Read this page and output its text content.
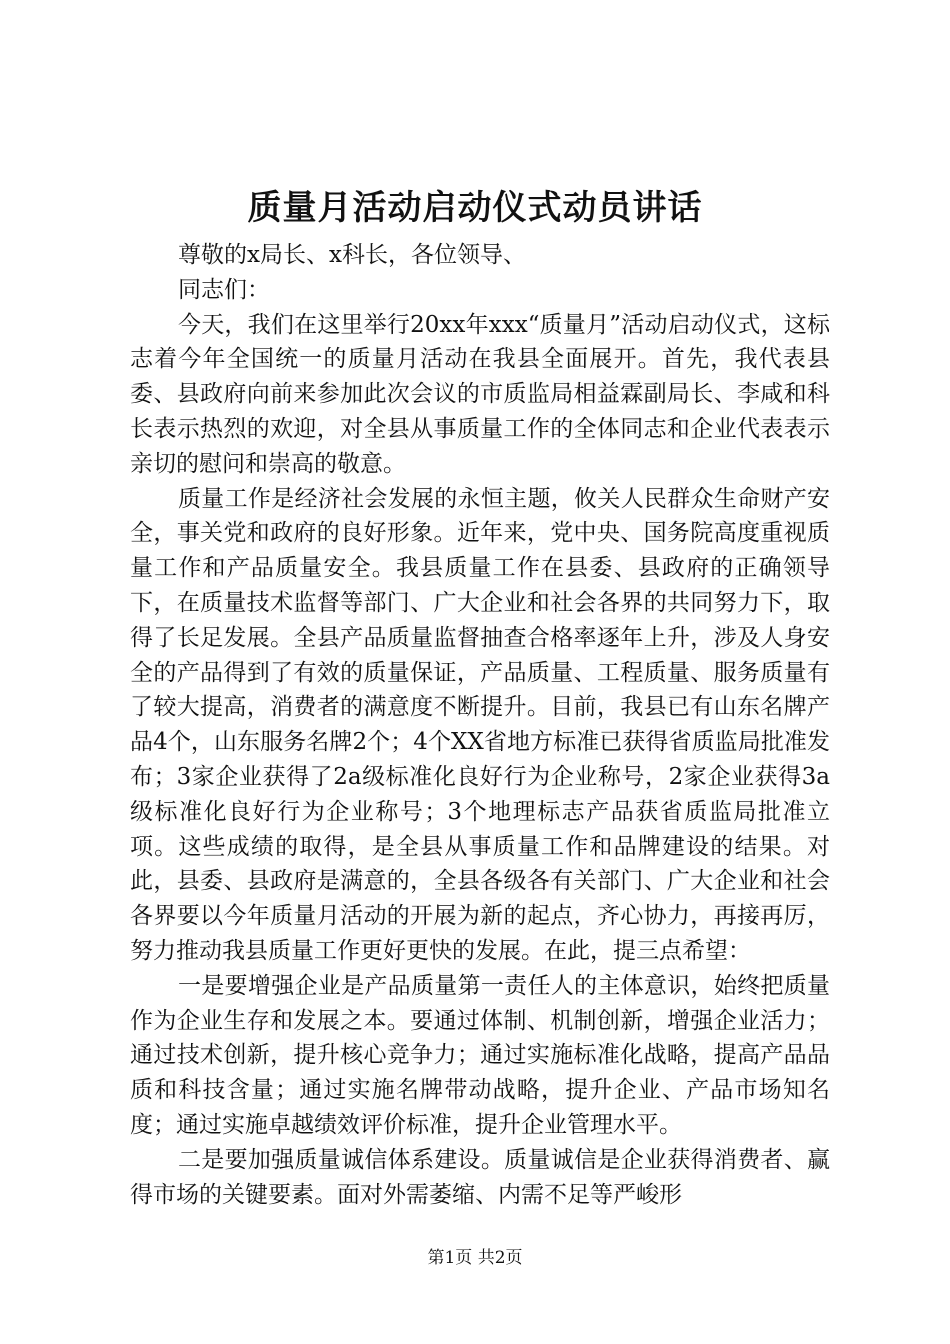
质量月活动启动仪式动员讲话

尊敬的x局长、x科长，各位领导、

同志们：

今天，我们在这里举行20xx年xxx“质量月”活动启动仪式，这标志着今年全国统一的质量月活动在我县全面展开。首先，我代表县委、县政府向前来参加此次会议的市质监局相益霖副局长、李咸和科长表示热烈的欢迎，对全县从事质量工作的全体同志和企业代表表示亲切的慰问和崇高的敬意。

质量工作是经济社会发展的永恒主题，攸关人民群众生命财产安全，事关党和政府的良好形象。近年来，党中央、国务院高度重视质量工作和产品质量安全。我县质量工作在县委、县政府的正确领导下，在质量技术监督等部门、广大企业和社会各界的共同努力下，取得了长足发展。全县产品质量监督抽查合格率逐年上升，涉及人身安全的产品得到了有效的质量保证，产品质量、工程质量、服务质量有了较大提高，消费者的满意度不断提升。目前，我县已有山东名牌产品4个，山东服务名牌2个；4个XX省地方标准已获得省质监局批准发布；3家企业获得了2a级标准化良好行为企业称号，2家企业获得3a级标准化良好行为企业称号；3个地理标志产品获省质监局批准立项。这些成绩的取得，是全县从事质量工作和品牌建设的结果。对此，县委、县政府是满意的，全县各级各有关部门、广大企业和社会各界要以今年质量月活动的开展为新的起点，齐心协力，再接再厉，努力推动我县质量工作更好更快的发展。在此，提三点希望：

一是要增强企业是产品质量第一责任人的主体意识，始终把质量作为企业生存和发展之本。要通过体制、机制创新，增强企业活力；通过技术创新，提升核心竞争力；通过实施标准化战略，提高产品品质和科技含量；通过实施名牌带动战略，提升企业、产品市场知名度；通过实施卓越绩效评价标准，提升企业管理水平。

二是要加强质量诚信体系建设。质量诚信是企业获得消费者、赢得市场的关键要素。面对外需萎缩、内需不足等严峻形

第1页 共2页
